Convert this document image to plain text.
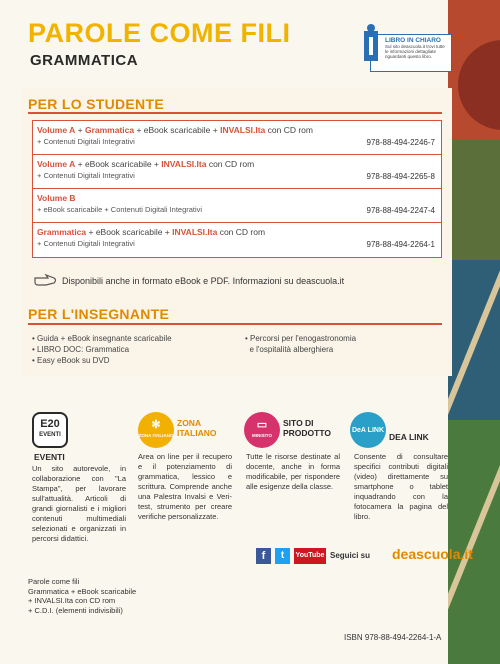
PAROLE COME FILI
GRAMMATICA
LIBRO IN CHIARO
Sul sito deascuola.it trovi tutte le informazioni dettagliate riguardanti questo libro.
PER LO STUDENTE
Volume A + Grammatica + eBook scaricabile + INVALSI.Ita con CD rom
+ Contenuti Digitali Integrativi	978-88-494-2246-7
Volume A + eBook scaricabile + INVALSI.Ita con CD rom
+ Contenuti Digitali Integrativi	978-88-494-2265-8
Volume B
+ eBook scaricabile + Contenuti Digitali Integrativi	978-88-494-2247-4
Grammatica + eBook scaricabile + INVALSI.Ita con CD rom
+ Contenuti Digitali Integrativi	978-88-494-2264-1
Disponibili anche in formato eBook e PDF. Informazioni su deascuola.it
PER L'INSEGNANTE
• Guida + eBook insegnante scaricabile
• LIBRO DOC: Grammatica
• Easy eBook su DVD
• Percorsi per l'enogastronomia
e l'ospitalità alberghiera
E20
EVENTI
EVENTI
Un sito autorevole, in collaborazione con "La Stampa", per lavorare sull'attualità. Articoli di grandi giornalisti e i migliori contenuti multimediali selezionati e organizzati in percorsi didattici.
✻
ZONA ITALIANO
ZONA ITALIANO
Area on line per il recupero e il potenziamento di grammatica, lessico e scrittura. Comprende anche una Palestra Invalsi e Veri-test, strumento per creare verifiche personalizzate.
▭
MINISITO
SITO DI PRODOTTO
Tutte le risorse destinate al docente, anche in forma modificabile, per rispondere alle esigenze della classe.
DeA LINK
DEA LINK
Consente di consultare specifici contributi digitali (video) direttamente su smartphone o tablet inquadrando con la fotocamera la pagina del libro.
f	t	YouTube Seguici su deascuola.it
Parole come fili
Grammatica + eBook scaricabile
+ INVALSI.Ita con CD rom
+ C.D.I. (elementi indivisibili)
ISBN 978-88-494-2264-1-A
